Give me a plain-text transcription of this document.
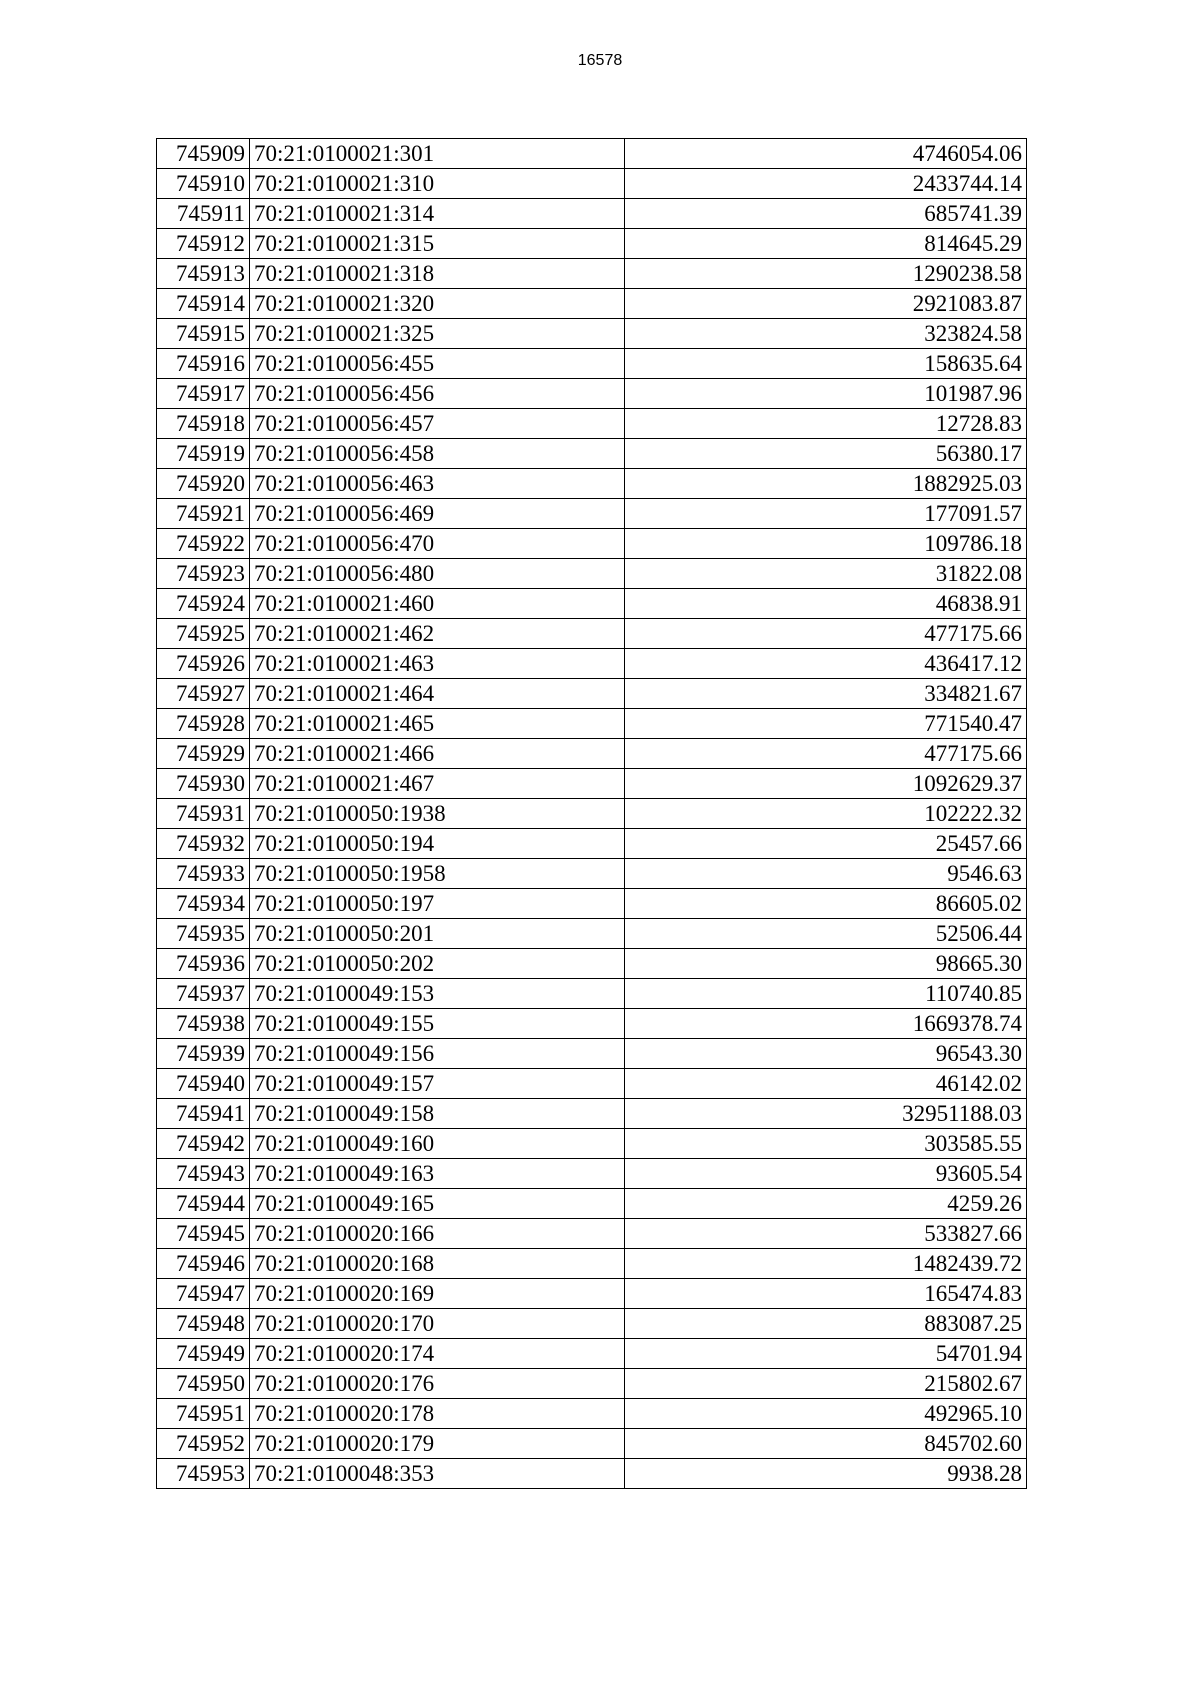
16578
745909	70:21:0100021:301	4746054.06
745910	70:21:0100021:310	2433744.14
745911	70:21:0100021:314	685741.39
745912	70:21:0100021:315	814645.29
745913	70:21:0100021:318	1290238.58
745914	70:21:0100021:320	2921083.87
745915	70:21:0100021:325	323824.58
745916	70:21:0100056:455	158635.64
745917	70:21:0100056:456	101987.96
745918	70:21:0100056:457	12728.83
745919	70:21:0100056:458	56380.17
745920	70:21:0100056:463	1882925.03
745921	70:21:0100056:469	177091.57
745922	70:21:0100056:470	109786.18
745923	70:21:0100056:480	31822.08
745924	70:21:0100021:460	46838.91
745925	70:21:0100021:462	477175.66
745926	70:21:0100021:463	436417.12
745927	70:21:0100021:464	334821.67
745928	70:21:0100021:465	771540.47
745929	70:21:0100021:466	477175.66
745930	70:21:0100021:467	1092629.37
745931	70:21:0100050:1938	102222.32
745932	70:21:0100050:194	25457.66
745933	70:21:0100050:1958	9546.63
745934	70:21:0100050:197	86605.02
745935	70:21:0100050:201	52506.44
745936	70:21:0100050:202	98665.30
745937	70:21:0100049:153	110740.85
745938	70:21:0100049:155	1669378.74
745939	70:21:0100049:156	96543.30
745940	70:21:0100049:157	46142.02
745941	70:21:0100049:158	32951188.03
745942	70:21:0100049:160	303585.55
745943	70:21:0100049:163	93605.54
745944	70:21:0100049:165	4259.26
745945	70:21:0100020:166	533827.66
745946	70:21:0100020:168	1482439.72
745947	70:21:0100020:169	165474.83
745948	70:21:0100020:170	883087.25
745949	70:21:0100020:174	54701.94
745950	70:21:0100020:176	215802.67
745951	70:21:0100020:178	492965.10
745952	70:21:0100020:179	845702.60
745953	70:21:0100048:353	9938.28
